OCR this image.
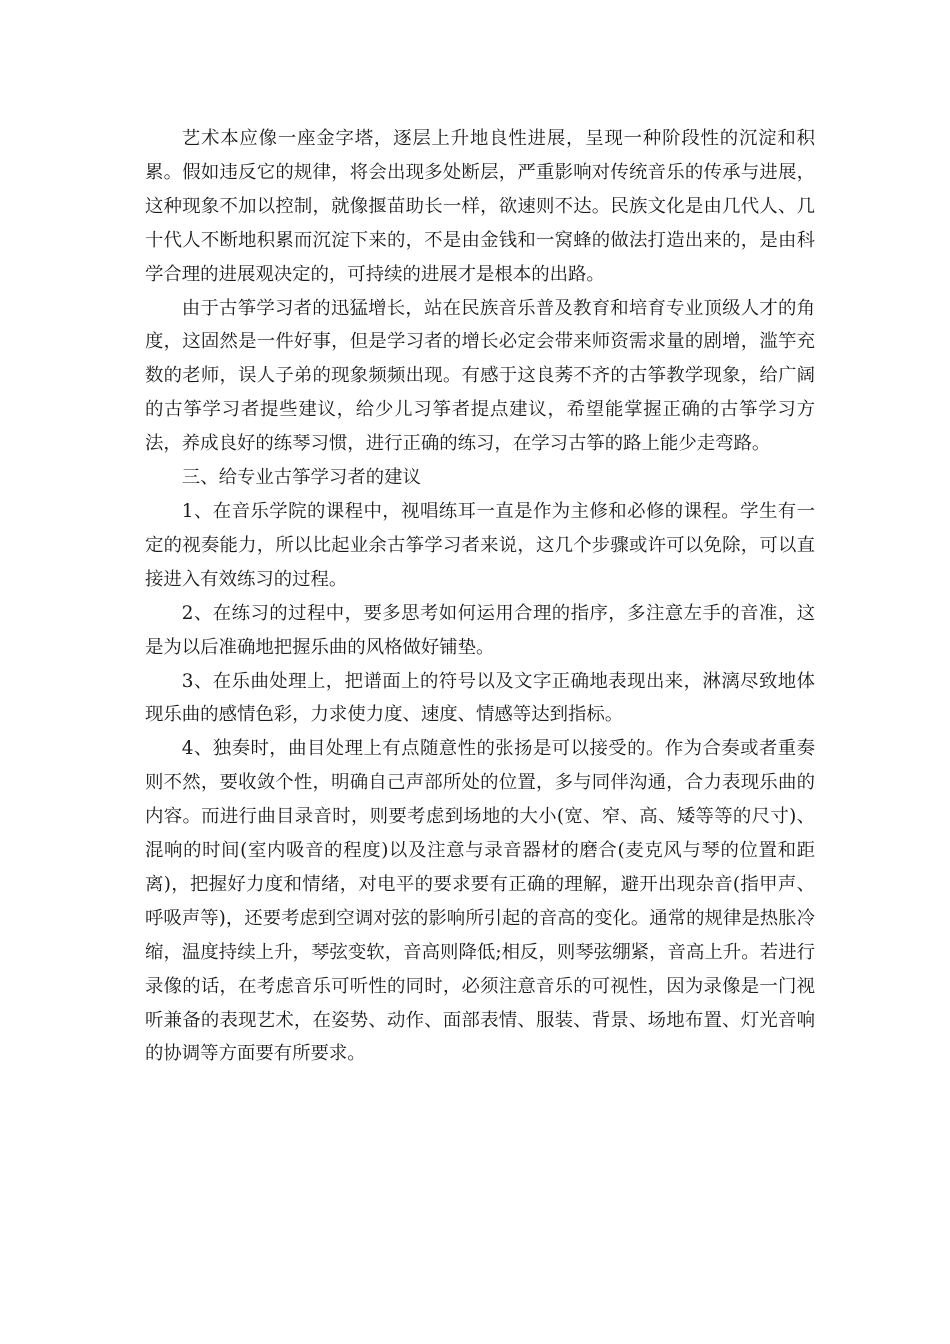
艺术本应像一座金字塔，逐层上升地良性进展，呈现一种阶段性的沉淀和积累。假如违反它的规律，将会出现多处断层，严重影响对传统音乐的传承与进展，这种现象不加以控制，就像揠苗助长一样，欲速则不达。民族文化是由几代人、几十代人不断地积累而沉淀下来的，不是由金钱和一窝蜂的做法打造出来的，是由科学合理的进展观决定的，可持续的进展才是根本的出路。

由于古筝学习者的迅猛增长，站在民族音乐普及教育和培育专业顶级人才的角度，这固然是一件好事，但是学习者的增长必定会带来师资需求量的剧增，滥竽充数的老师，误人子弟的现象频频出现。有感于这良莠不齐的古筝教学现象，给广阔的古筝学习者提些建议，给少儿习筝者提点建议，希望能掌握正确的古筝学习方法，养成良好的练琴习惯，进行正确的练习，在学习古筝的路上能少走弯路。

三、给专业古筝学习者的建议

1、在音乐学院的课程中，视唱练耳一直是作为主修和必修的课程。学生有一定的视奏能力，所以比起业余古筝学习者来说，这几个步骤或许可以免除，可以直接进入有效练习的过程。

2、在练习的过程中，要多思考如何运用合理的指序，多注意左手的音准，这是为以后准确地把握乐曲的风格做好铺垫。

3、在乐曲处理上，把谱面上的符号以及文字正确地表现出来，淋漓尽致地体现乐曲的感情色彩，力求使力度、速度、情感等达到指标。

4、独奏时，曲目处理上有点随意性的张扬是可以接受的。作为合奏或者重奏则不然，要收敛个性，明确自己声部所处的位置，多与同伴沟通，合力表现乐曲的内容。而进行曲目录音时，则要考虑到场地的大小(宽、窄、高、矮等等的尺寸)、混响的时间(室内吸音的程度)以及注意与录音器材的磨合(麦克风与琴的位置和距离)，把握好力度和情绪，对电平的要求要有正确的理解，避开出现杂音(指甲声、呼吸声等)，还要考虑到空调对弦的影响所引起的音高的变化。通常的规律是热胀冷缩，温度持续上升，琴弦变软，音高则降低;相反，则琴弦绷紧，音高上升。若进行录像的话，在考虑音乐可听性的同时，必须注意音乐的可视性，因为录像是一门视听兼备的表现艺术，在姿势、动作、面部表情、服装、背景、场地布置、灯光音响的协调等方面要有所要求。
